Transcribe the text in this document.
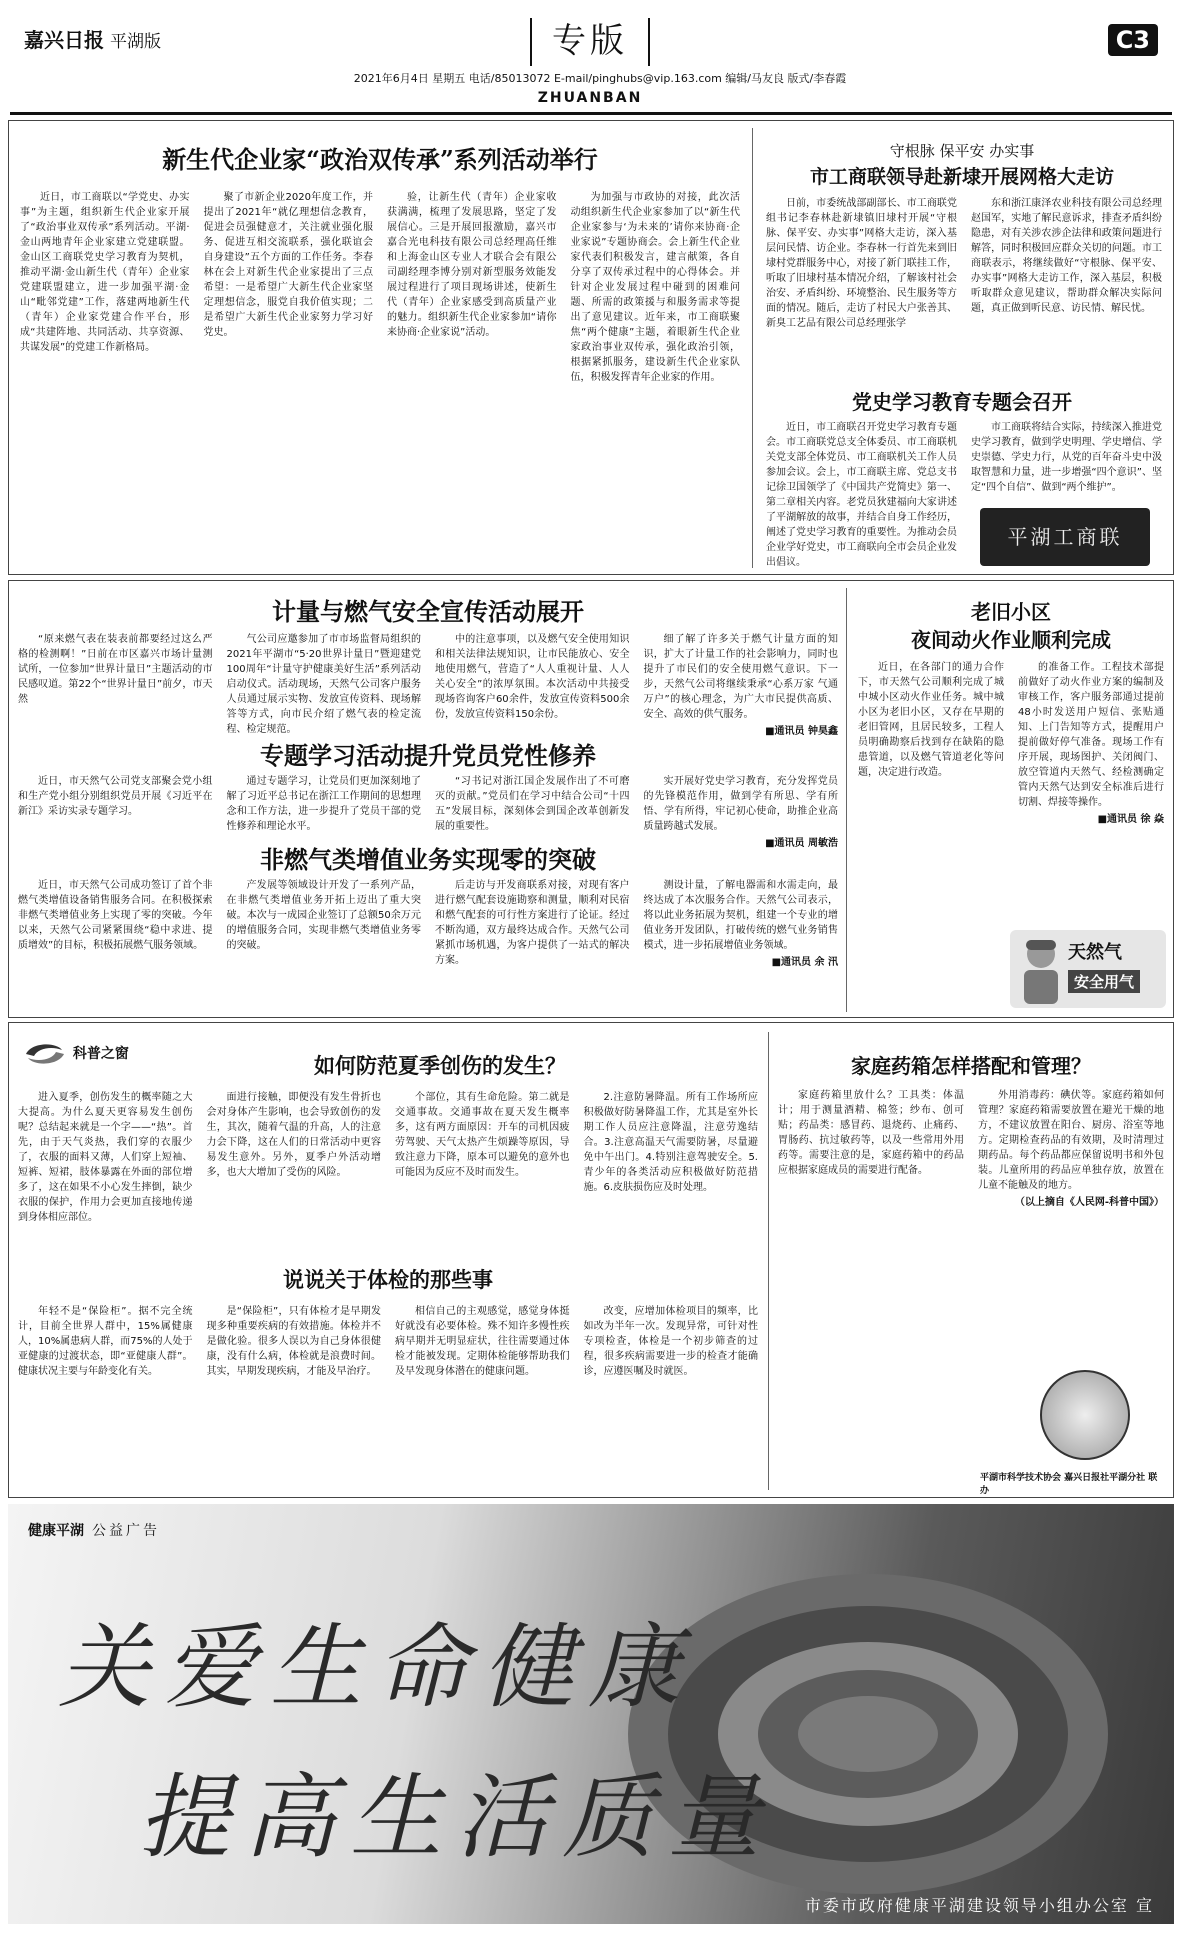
嘉兴日报 平湖版	专版
2021年6月4日 星期五 电话/85013072 E-mail/pinghubs@vip.163.com 编辑/马友良 版式/李春霞
ZHUANBAN
C3
新生代企业家“政治双传承”系列活动举行

近日，市工商联以“学党史、办实事”为主题，组织新生代企业家开展了“政治事业双传承”系列活动。平湖·金山两地青年企业家建立党建联盟。金山区工商联党史学习教育为契机，推动平湖·金山新生代（青年）企业家党建联盟建立，进一步加强平湖·金山“毗邻党建”工作，落建两地新生代（青年）企业家党建合作平台，形成“共建阵地、共同活动、共享资源、共谋发展”的党建工作新格局。

聚了市新企业2020年度工作，并提出了2021年“就亿理想信念教育，促进会员强健意才，关注就业强化服务、促进互相交流联系，强化联谊会自身建设”五个方面的工作任务。李春林在会上对新生代企业家提出了三点希望：一是希望广大新生代企业家坚定理想信念，服党自我价值实现；二是希望广大新生代企业家努力学习好党史。

验，让新生代（青年）企业家收获满满，梳理了发展思路，坚定了发展信心。三是开展回报激励，嘉兴市嘉合光电科技有限公司总经理高任维和上海金山区专业人才联合会有限公司副经理李博分别对新型服务效能发展过程进行了项目现场讲述，使新生代（青年）企业家感受到高质量产业的魅力。组织新生代企业家参加“请你来协商·企业家说”活动。

为加强与市政协的对接，此次活动组织新生代企业家参加了以“新生代企业家参与‘为未来的’请你来协商·企业家说”专题协商会。会上新生代企业家代表们积极发言，建言献策，各自分享了双传承过程中的心得体会。并针对企业发展过程中碰到的困难问题、所需的政策援与和服务需求等提出了意见建议。近年来，市工商联聚焦“两个健康”主题，着眼新生代企业家政治事业双传承，强化政治引领，根据紧抓服务，建设新生代企业家队伍，积极发挥青年企业家的作用。

守根脉 保平安 办实事
市工商联领导赴新埭开展网格大走访

日前，市委统战部副部长、市工商联党组书记李春林赴新埭镇旧埭村开展“守根脉、保平安、办实事”网格大走访，深入基层问民情、访企业。李春林一行首先来到旧埭村党群服务中心，对接了新门联挂工作，听取了旧埭村基本情况介绍，了解该村社会治安、矛盾纠纷、环境整治、民生服务等方面的情况。随后，走访了村民大户张善其、新臭工艺品有限公司总经理张学

东和浙江康泽农业科技有限公司总经理赵国军，实地了解民意诉求，排查矛盾纠纷隐患，对有关涉农涉企法律和政策问题进行解答，同时积极回应群众关切的问题。市工商联表示，将继续做好“守根脉、保平安、办实事”网格大走访工作，深入基层，积极听取群众意见建议，帮助群众解决实际问题，真正做到听民意、访民情、解民忧。

党史学习教育专题会召开

近日，市工商联召开党史学习教育专题会。市工商联党总支全体委员、市工商联机关党支部全体党员、市工商联机关工作人员参加会议。会上，市工商联主席、党总支书记徐卫国领学了《中国共产党简史》第一、第二章相关内容。老党员狄建福向大家讲述了平湖解放的故事，并结合自身工作经历，阐述了党史学习教育的重要性。为推动会员企业学好党史，市工商联向全市会员企业发出倡议。

市工商联将结合实际，持续深入推进党史学习教育，做到学史明理、学史增信、学史崇德、学史力行，从党的百年奋斗史中汲取智慧和力量，进一步增强“四个意识”、坚定“四个自信”、做到“两个维护”。

平湖工商联
计量与燃气安全宣传活动展开

“原来燃气表在装表前都要经过这么严格的检测啊！”日前在市区嘉兴市场计量测试所，一位参加“世界计量日”主题活动的市民感叹道。第22个“世界计量日”前夕，市天然

气公司应邀参加了市市场监督局组织的2021年平湖市“5·20世界计量日”暨迎建党100周年“计量守护健康美好生活”系列活动启动仪式。活动现场，天然气公司客户服务人员通过展示实物、发放宣传资料、现场解答等方式，向市民介绍了燃气表的检定流程、检定规范。

中的注意事项，以及燃气安全使用知识和相关法律法规知识，让市民能放心、安全地使用燃气，营造了“人人重视计量、人人关心安全”的浓厚氛围。本次活动中共接受现场咨询客户60余件，发放宣传资料500余份，发放宣传资料150余份。

细了解了许多关于燃气计量方面的知识，扩大了计量工作的社会影响力，同时也提升了市民们的安全使用燃气意识。下一步，天然气公司将继续秉承“心系万家 气通万户”的核心理念，为广大市民提供高质、安全、高效的供气服务。

■通讯员 钟昊鑫
专题学习活动提升党员党性修养

近日，市天然气公司党支部聚会党小组和生产党小组分别组织党员开展《习近平在新江》采访实录专题学习。

通过专题学习，让党员们更加深刻地了解了习近平总书记在浙江工作期间的思想理念和工作方法，进一步提升了党员干部的党性修养和理论水平。

“习书记对浙江国企发展作出了不可磨灭的贡献。”党员们在学习中结合公司“十四五”发展目标，深刻体会到国企改革创新发展的重要性。

实开展好党史学习教育，充分发挥党员的先锋模范作用，做到学有所思、学有所悟、学有所得，牢记初心使命，助推企业高质量跨越式发展。

■通讯员 周敏浩
非燃气类增值业务实现零的突破

近日，市天然气公司成功签订了首个非燃气类增值设备销售服务合同。在积极探索非燃气类增值业务上实现了零的突破。今年以来，天然气公司紧紧围绕“稳中求进、提质增效”的目标，积极拓展燃气服务领域。

产发展等领域设计开发了一系列产品，在非燃气类增值业务开拓上迈出了重大突破。本次与一成园企业签订了总额50余万元的增值服务合同，实现非燃气类增值业务零的突破。

后走访与开发商联系对接，对现有客户进行燃气配套设施勘察和测量，顺利对民宿和燃气配套的可行性方案进行了论证。经过不断沟通，双方最终达成合作。天然气公司紧抓市场机遇，为客户提供了一站式的解决方案。

测设计量，了解电器需和水需走向，最终达成了本次服务合作。天然气公司表示，将以此业务拓展为契机，组建一个专业的增值业务开发团队，打破传统的燃气业务销售模式，进一步拓展增值业务领域。

■通讯员 余 汛
老旧小区
夜间动火作业顺利完成

近日，在各部门的通力合作下，市天然气公司顺利完成了城中城小区动火作业任务。城中城小区为老旧小区，又存在早期的老旧管网，且居民较多，工程人员明确勘察后找到存在缺陷的隐患管道，以及燃气管道老化等问题，决定进行改造。

的准备工作。工程技术部提前做好了动火作业方案的编制及审核工作，客户服务部通过提前48小时发送用户短信、张贴通知、上门告知等方式，提醒用户提前做好停气准备。现场工作有序开展，现场图护、关闭阀门、放空管道内天然气、经检测确定管内天然气达到安全标准后进行切割、焊接等操作。

■通讯员 徐 焱
天然气
安全用气
科普之窗	如何防范夏季创伤的发生？

进入夏季，创伤发生的概率随之大大提高。为什么夏天更容易发生创伤呢？总结起来就是一个字——“热”。首先，由于天气炎热，我们穿的衣服少了，衣服的面料又薄，人们穿上短袖、短裤、短裙，肢体暴露在外面的部位增多了，这在如果不小心发生摔倒，缺少衣服的保护，作用力会更加直接地传递到身体相应部位。

面进行接触，即便没有发生骨折也会对身体产生影响，也会导致创伤的发生，其次，随着气温的升高，人的注意力会下降，这在人们的日常活动中更容易发生意外。另外，夏季户外活动增多，也大大增加了受伤的风险。

个部位，其有生命危险。第二就是交通事故。交通事故在夏天发生概率多，这有两方面原因：开车的司机因疲劳驾驶、天气太热产生烦躁等原因，导致注意力下降，原本可以避免的意外也可能因为反应不及时而发生。

2.注意防暑降温。所有工作场所应积极做好防暑降温工作，尤其是室外长期工作人员应注意降温，注意劳逸结合。3.注意高温天气需要防暑，尽量避免中午出门。4.特别注意驾驶安全。5.青少年的各类活动应积极做好防范措施。6.皮肤损伤应及时处理。

说说关于体检的那些事

年轻不是“保险柜”。据不完全统计，目前全世界人群中，15%属健康人，10%属患病人群，而75%的人处于亚健康的过渡状态，即“亚健康人群”。健康状况主要与年龄变化有关。

是“保险柜”，只有体检才是早期发现多种重要疾病的有效措施。体检并不是做化验。很多人误以为自己身体很健康，没有什么病，体检就是浪费时间。其实，早期发现疾病，才能及早治疗。

相信自己的主观感觉，感觉身体挺好就没有必要体检。殊不知许多慢性疾病早期并无明显症状，往往需要通过体检才能被发现。定期体检能够帮助我们及早发现身体潜在的健康问题。

改变，应增加体检项目的频率，比如改为半年一次。发现异常，可针对性专项检查，体检是一个初步筛查的过程，很多疾病需要进一步的检查才能确诊，应遵医嘱及时就医。

家庭药箱怎样搭配和管理？

家庭药箱里放什么？工具类：体温计；用于测量酒精、棉签；纱布、创可贴；药品类：感冒药、退烧药、止痛药、胃肠药、抗过敏药等，以及一些常用外用药等。需要注意的是，家庭药箱中的药品应根据家庭成员的需要进行配备。

外用消毒药：碘伏等。家庭药箱如何管理？家庭药箱需要放置在避光干燥的地方，不建议放置在阳台、厨房、浴室等地方。定期检查药品的有效期，及时清理过期药品。每个药品都应保留说明书和外包装。儿童所用的药品应单独存放，放置在儿童不能触及的地方。

（以上摘自《人民网-科普中国》）
平湖市科学技术协会 嘉兴日报社平湖分社 联办
健康平湖 公益广告
关爱生命健康
提高生活质量
市委市政府健康平湖建设领导小组办公室 宣
